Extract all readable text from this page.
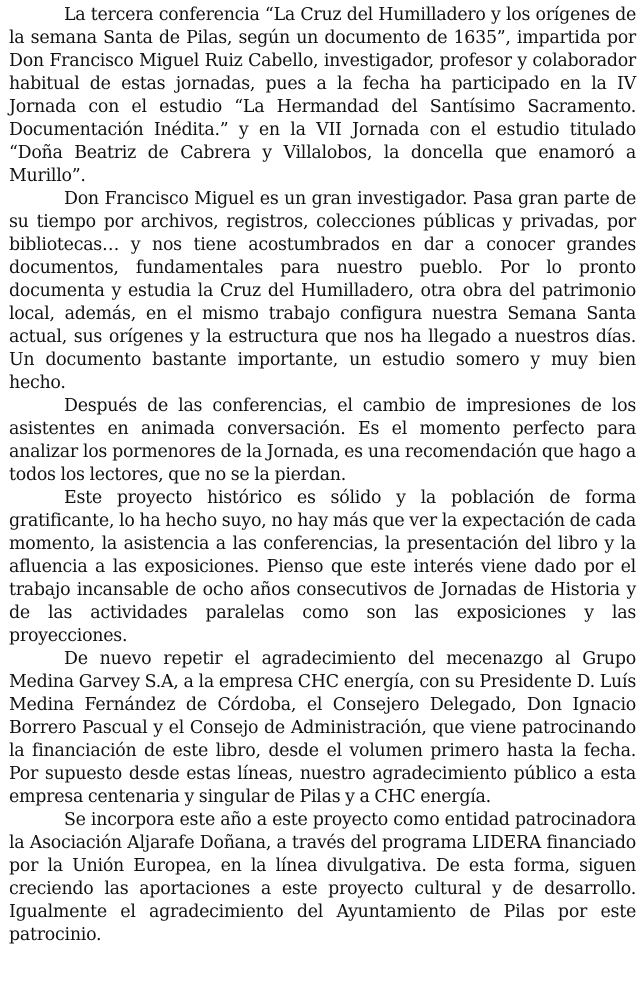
La tercera conferencia “La Cruz del Humilladero y los orígenes de la semana Santa de Pilas, según un documento de 1635”, impartida por Don Francisco Miguel Ruiz Cabello, investigador, profesor y colaborador habitual de estas jornadas, pues a la fecha ha participado en la IV Jornada con el estudio “La Hermandad del Santísimo Sacramento. Documentación Inédita.” y en la VII Jornada con el estudio titulado “Doña Beatriz de Cabrera y Villalobos, la doncella que enamoró a Murillo”.

Don Francisco Miguel es un gran investigador. Pasa gran parte de su tiempo por archivos, registros, colecciones públicas y privadas, por bibliotecas… y nos tiene acostumbrados en dar a conocer grandes documentos, fundamentales para nuestro pueblo. Por lo pronto documenta y estudia la Cruz del Humilladero, otra obra del patrimonio local, además, en el mismo trabajo configura nuestra Semana Santa actual, sus orígenes y la estructura que nos ha llegado a nuestros días. Un documento bastante importante, un estudio somero y muy bien hecho.

Después de las conferencias, el cambio de impresiones de los asistentes en animada conversación. Es el momento perfecto para analizar los pormenores de la Jornada, es una recomendación que hago a todos los lectores, que no se la pierdan.

Este proyecto histórico es sólido y la población de forma gratificante, lo ha hecho suyo, no hay más que ver la expectación de cada momento, la asistencia a las conferencias, la presentación del libro y la afluencia a las exposiciones. Pienso que este interés viene dado por el trabajo incansable de ocho años consecutivos de Jornadas de Historia y de las actividades paralelas como son las exposiciones y las proyecciones.

De nuevo repetir el agradecimiento del mecenazgo al Grupo Medina Garvey S.A, a la empresa CHC energía, con su Presidente D. Luís Medina Fernández de Córdoba, el Consejero Delegado, Don Ignacio Borrero Pascual y el Consejo de Administración, que viene patrocinando la financiación de este libro, desde el volumen primero hasta la fecha. Por supuesto desde estas líneas, nuestro agradecimiento público a esta empresa centenaria y singular de Pilas y a CHC energía.

Se incorpora este año a este proyecto como entidad patrocinadora la Asociación Aljarafe Doñana, a través del programa LIDERA financiado por la Unión Europea, en la línea divulgativa. De esta forma, siguen creciendo las aportaciones a este proyecto cultural y de desarrollo. Igualmente el agradecimiento del Ayuntamiento de Pilas por este patrocinio.
